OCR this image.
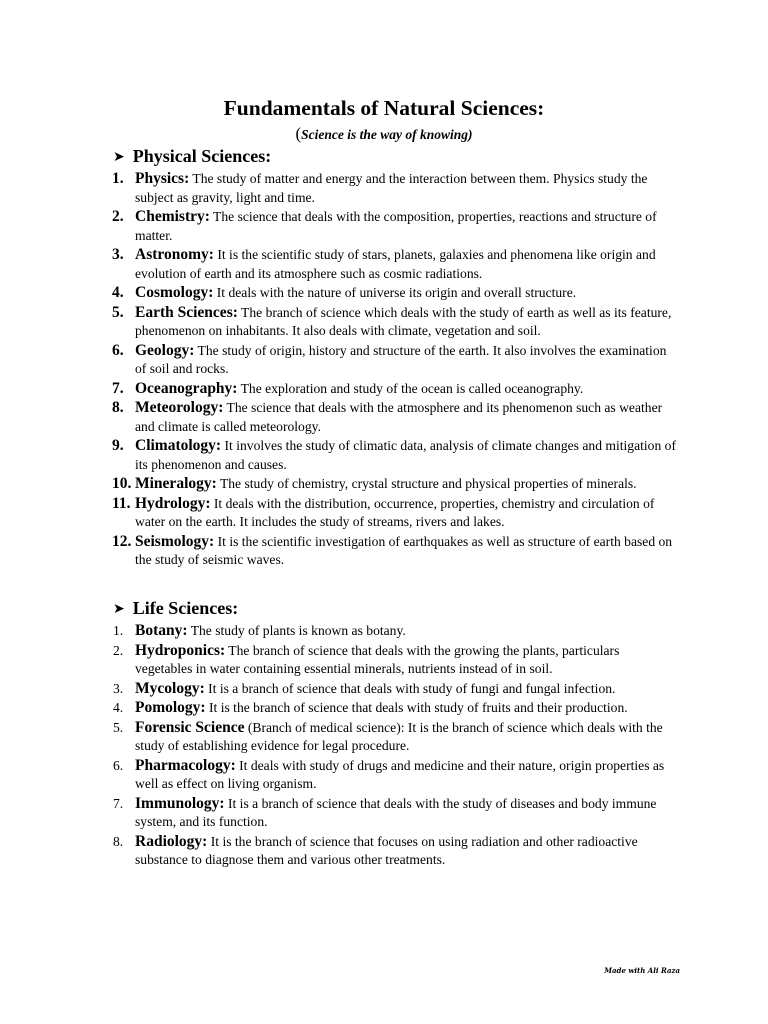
Fundamentals of Natural Sciences:
(Science is the way of knowing)
➤ Physical Sciences:
1. Physics: The study of matter and energy and the interaction between them. Physics study the subject as gravity, light and time.
2. Chemistry: The science that deals with the composition, properties, reactions and structure of matter.
3. Astronomy: It is the scientific study of stars, planets, galaxies and phenomena like origin and evolution of earth and its atmosphere such as cosmic radiations.
4. Cosmology: It deals with the nature of universe its origin and overall structure.
5. Earth Sciences: The branch of science which deals with the study of earth as well as its feature, phenomenon on inhabitants. It also deals with climate, vegetation and soil.
6. Geology: The study of origin, history and structure of the earth. It also involves the examination of soil and rocks.
7. Oceanography: The exploration and study of the ocean is called oceanography.
8. Meteorology: The science that deals with the atmosphere and its phenomenon such as weather and climate is called meteorology.
9. Climatology: It involves the study of climatic data, analysis of climate changes and mitigation of its phenomenon and causes.
10. Mineralogy: The study of chemistry, crystal structure and physical properties of minerals.
11. Hydrology: It deals with the distribution, occurrence, properties, chemistry and circulation of water on the earth. It includes the study of streams, rivers and lakes.
12. Seismology: It is the scientific investigation of earthquakes as well as structure of earth based on the study of seismic waves.
➤ Life Sciences:
1. Botany: The study of plants is known as botany.
2. Hydroponics: The branch of science that deals with the growing the plants, particulars vegetables in water containing essential minerals, nutrients instead of in soil.
3. Mycology: It is a branch of science that deals with study of fungi and fungal infection.
4. Pomology: It is the branch of science that deals with study of fruits and their production.
5. Forensic Science (Branch of medical science): It is the branch of science which deals with the study of establishing evidence for legal procedure.
6. Pharmacology: It deals with study of drugs and medicine and their nature, origin properties as well as effect on living organism.
7. Immunology: It is a branch of science that deals with the study of diseases and body immune system, and its function.
8. Radiology: It is the branch of science that focuses on using radiation and other radioactive substance to diagnose them and various other treatments.
Made with Ali Raza
